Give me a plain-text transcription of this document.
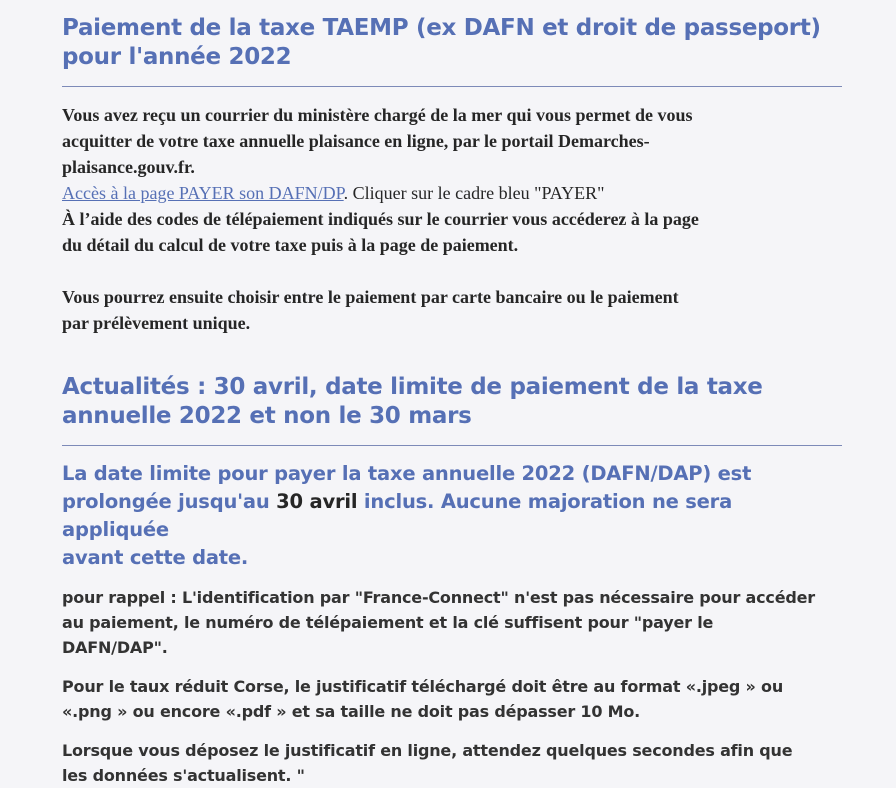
Paiement de la taxe TAEMP (ex DAFN et droit de passeport)
pour l'année 2022

Vous avez reçu un courrier du ministère chargé de la mer qui vous permet de vous
acquitter de votre taxe annuelle plaisance en ligne, par le portail Demarches-
plaisance.gouv.fr.
Accès à la page PAYER son DAFN/DP. Cliquer sur le cadre bleu "PAYER"
À l’aide des codes de télépaiement indiqués sur le courrier vous accéderez à la page
du détail du calcul de votre taxe puis à la page de paiement.

Vous pourrez ensuite choisir entre le paiement par carte bancaire ou le paiement
par prélèvement unique.

Actualités : 30 avril, date limite de paiement de la taxe
annuelle 2022 et non le 30 mars

La date limite pour payer la taxe annuelle 2022 (DAFN/DAP) est
prolongée jusqu'au 30 avril inclus. Aucune majoration ne sera appliquée
avant cette date.

pour rappel : L'identification par "France-Connect" n'est pas nécessaire pour accéder
au paiement, le numéro de télépaiement et la clé suffisent pour "payer le
DAFN/DAP".

Pour le taux réduit Corse, le justificatif téléchargé doit être au format «.jpeg » ou
«.png » ou encore «.pdf » et sa taille ne doit pas dépasser 10 Mo.

Lorsque vous déposez le justificatif en ligne, attendez quelques secondes afin que
les données s'actualisent. "
